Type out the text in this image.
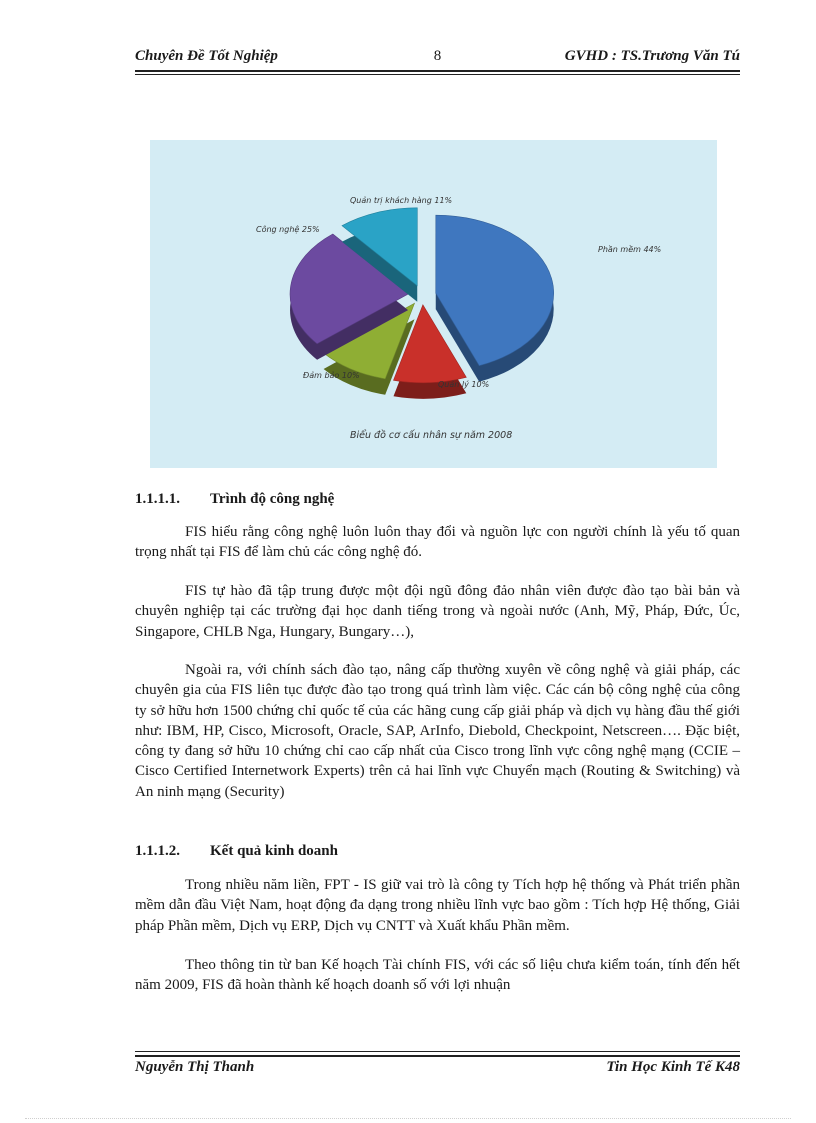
Chuyên Đề Tốt Nghiệp	8	GVHD : TS.Trương Văn Tú
Phần mềm 44%
Quản lý 10%
Đảm bảo 10%
Công nghệ 25%
Quản trị khách hàng 11%
Biểu đồ cơ cấu nhân sự năm 2008
1.1.1.1. Trình độ công nghệ

FIS hiểu rằng công nghệ luôn luôn thay đổi và nguồn lực con người chính là yếu tố quan trọng nhất tại FIS để làm chủ các công nghệ đó.

FIS tự hào đã tập trung được một đội ngũ đông đảo nhân viên được đào tạo bài bản và chuyên nghiệp tại các trường đại học danh tiếng trong và ngoài nước (Anh, Mỹ, Pháp, Đức, Úc, Singapore, CHLB Nga, Hungary, Bungary…),

Ngoài ra, với chính sách đào tạo, nâng cấp thường xuyên về công nghệ và giải pháp, các chuyên gia của FIS liên tục được đào tạo trong quá trình làm việc. Các cán bộ công nghệ của công ty sở hữu hơn 1500 chứng chỉ quốc tế của các hãng cung cấp giải pháp và dịch vụ hàng đầu thế giới như: IBM, HP, Cisco, Microsoft, Oracle, SAP, ArInfo, Diebold, Checkpoint, Netscreen…. Đặc biệt, công ty đang sở hữu 10 chứng chỉ cao cấp nhất của Cisco trong lĩnh vực công nghệ mạng (CCIE – Cisco Certified Internetwork Experts) trên cả hai lĩnh vực Chuyển mạch (Routing & Switching) và An ninh mạng (Security)

1.1.1.2. Kết quả kinh doanh

Trong nhiều năm liền, FPT - IS giữ vai trò là công ty Tích hợp hệ thống và Phát triển phần mềm dẫn đầu Việt Nam, hoạt động đa dạng trong nhiều lĩnh vực bao gồm : Tích hợp Hệ thống, Giải pháp Phần mềm, Dịch vụ ERP, Dịch vụ CNTT và Xuất khẩu Phần mềm.

Theo thông tin từ ban Kế hoạch Tài chính FIS, với các số liệu chưa kiểm toán, tính đến hết năm 2009, FIS đã hoàn thành kế hoạch doanh số với lợi nhuận

Nguyễn Thị Thanh	Tin Học Kinh Tế K48
